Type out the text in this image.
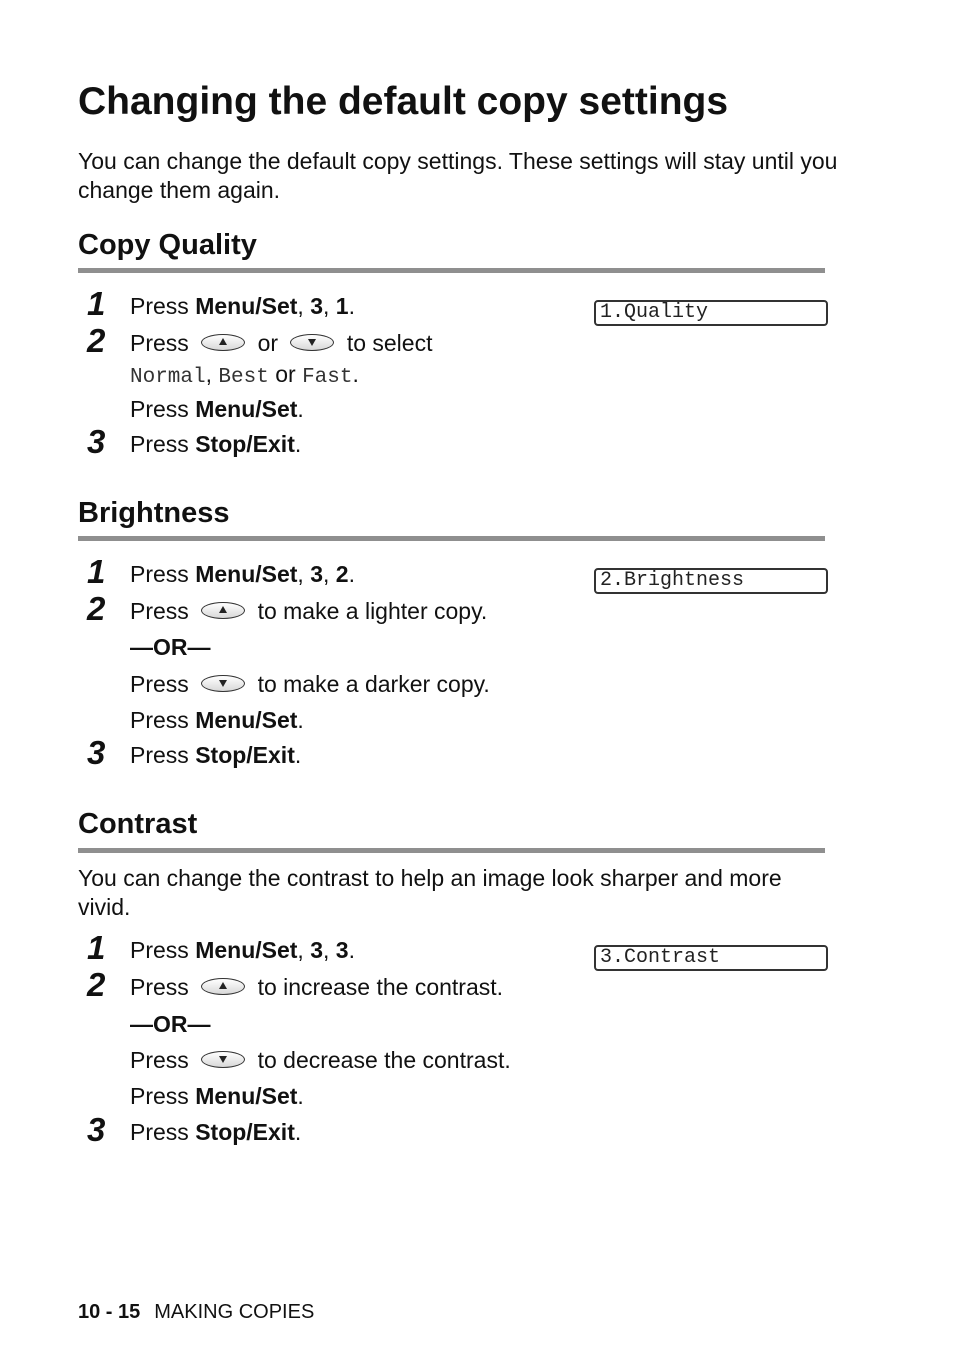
Changing the default copy settings

You can change the default copy settings. These settings will stay until you change them again.

Copy Quality
1.Quality
1 Press Menu/Set, 3, 1.
2 Press	or	to select
Normal, Best or Fast.
Press Menu/Set.
3 Press Stop/Exit.
Brightness
2.Brightness
1 Press Menu/Set, 3, 2.
2 Press	to make a lighter copy.
—OR—
Press	to make a darker copy.
Press Menu/Set.
3 Press Stop/Exit.
Contrast

You can change the contrast to help an image look sharper and more vivid.

3.Contrast
1 Press Menu/Set, 3, 3.
2 Press	to increase the contrast.
—OR—
Press	to decrease the contrast.
Press Menu/Set.
3 Press Stop/Exit.
10 - 15 MAKING COPIES
